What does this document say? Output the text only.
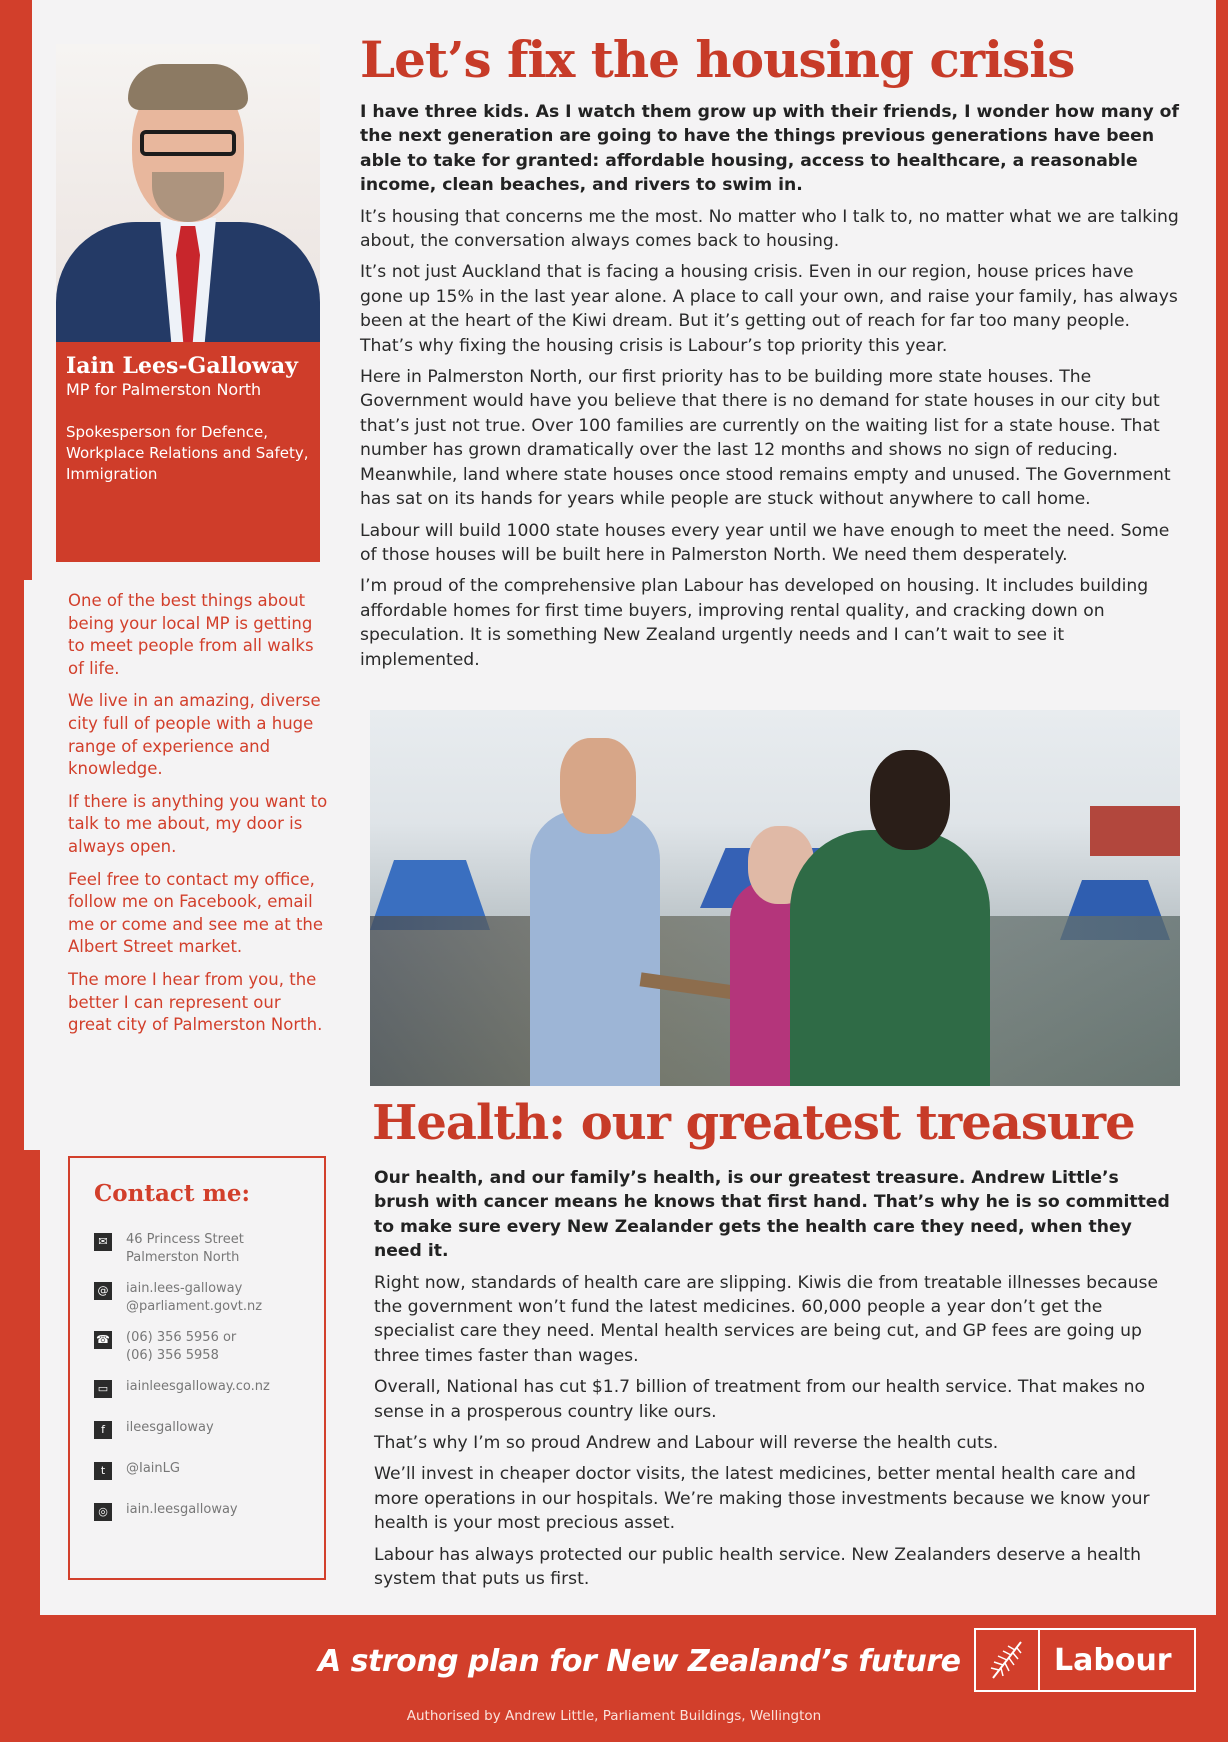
Iain Lees-Galloway
MP for Palmerston North
Spokesperson for Defence, Workplace Relations and Safety, Immigration

One of the best things about being your local MP is getting to meet people from all walks of life.

We live in an amazing, diverse city full of people with a huge range of experience and knowledge.

If there is anything you want to talk to me about, my door is always open.

Feel free to contact my office, follow me on Facebook, email me or come and see me at the Albert Street market.

The more I hear from you, the better I can represent our great city of Palmerston North.

Contact me:
✉	46 Princess Street
Palmerston North
@ iain.lees-galloway
@parliament.govt.nz
☎ (06) 356 5956 or
(06) 356 5958
▭ iainleesgalloway.co.nz
f	ileesgalloway
t	@IainLG
◎	iain.leesgalloway
Let’s fix the housing crisis

I have three kids. As I watch them grow up with their friends, I wonder how many of the next generation are going to have the things previous generations have been able to take for granted: affordable housing, access to healthcare, a reasonable income, clean beaches, and rivers to swim in.

It’s housing that concerns me the most. No matter who I talk to, no matter what we are talking about, the conversation always comes back to housing.

It’s not just Auckland that is facing a housing crisis. Even in our region, house prices have gone up 15% in the last year alone. A place to call your own, and raise your family, has always been at the heart of the Kiwi dream. But it’s getting out of reach for far too many people. That’s why fixing the housing crisis is Labour’s top priority this year.

Here in Palmerston North, our first priority has to be building more state houses. The Government would have you believe that there is no demand for state houses in our city but that’s just not true. Over 100 families are currently on the waiting list for a state house. That number has grown dramatically over the last 12 months and shows no sign of reducing. Meanwhile, land where state houses once stood remains empty and unused. The Government has sat on its hands for years while people are stuck without anywhere to call home.

Labour will build 1000 state houses every year until we have enough to meet the need. Some of those houses will be built here in Palmerston North. We need them desperately.

I’m proud of the comprehensive plan Labour has developed on housing. It includes building affordable homes for first time buyers, improving rental quality, and cracking down on speculation. It is something New Zealand urgently needs and I can’t wait to see it implemented.

Health: our greatest treasure

Our health, and our family’s health, is our greatest treasure. Andrew Little’s brush with cancer means he knows that first hand. That’s why he is so committed to make sure every New Zealander gets the health care they need, when they need it.

Right now, standards of health care are slipping. Kiwis die from treatable illnesses because the government won’t fund the latest medicines. 60,000 people a year don’t get the specialist care they need. Mental health services are being cut, and GP fees are going up three times faster than wages.

Overall, National has cut $1.7 billion of treatment from our health service. That makes no sense in a prosperous country like ours.

That’s why I’m so proud Andrew and Labour will reverse the health cuts.

We’ll invest in cheaper doctor visits, the latest medicines, better mental health care and more operations in our hospitals. We’re making those investments because we know your health is your most precious asset.

Labour has always protected our public health service. New Zealanders deserve a health system that puts us first.

A strong plan for New Zealand’s future	Labour
Authorised by Andrew Little, Parliament Buildings, Wellington
